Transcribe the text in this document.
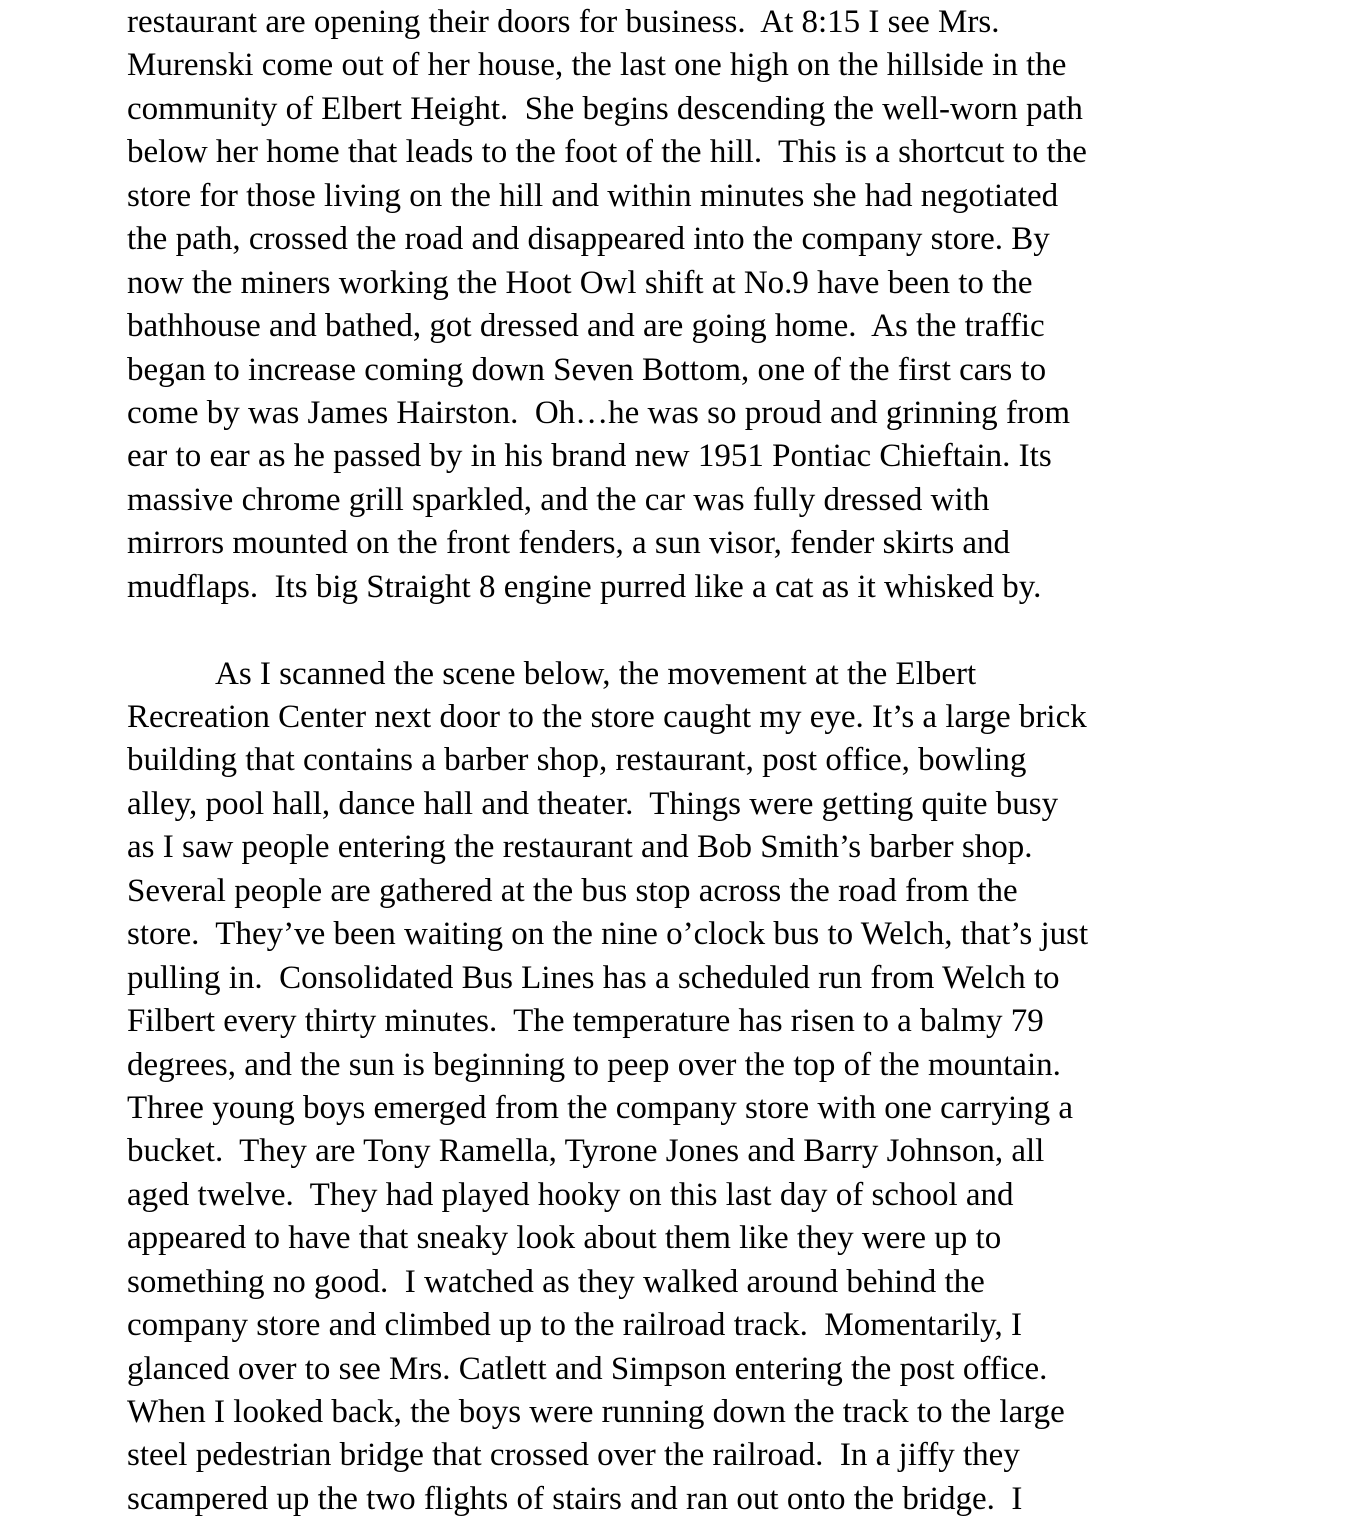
restaurant are opening their doors for business.  At 8:15 I see Mrs.
Murenski come out of her house, the last one high on the hillside in the
community of Elbert Height.  She begins descending the well-worn path
below her home that leads to the foot of the hill.  This is a shortcut to the
store for those living on the hill and within minutes she had negotiated
the path, crossed the road and disappeared into the company store. By
now the miners working the Hoot Owl shift at No.9 have been to the
bathhouse and bathed, got dressed and are going home.  As the traffic
began to increase coming down Seven Bottom, one of the first cars to
come by was James Hairston.  Oh…he was so proud and grinning from
ear to ear as he passed by in his brand new 1951 Pontiac Chieftain. Its
massive chrome grill sparkled, and the car was fully dressed with
mirrors mounted on the front fenders, a sun visor, fender skirts and
mudflaps.  Its big Straight 8 engine purred like a cat as it whisked by.
As I scanned the scene below, the movement at the Elbert
Recreation Center next door to the store caught my eye. It’s a large brick
building that contains a barber shop, restaurant, post office, bowling
alley, pool hall, dance hall and theater.  Things were getting quite busy
as I saw people entering the restaurant and Bob Smith’s barber shop.
Several people are gathered at the bus stop across the road from the
store.  They’ve been waiting on the nine o’clock bus to Welch, that’s just
pulling in.  Consolidated Bus Lines has a scheduled run from Welch to
Filbert every thirty minutes.  The temperature has risen to a balmy 79
degrees, and the sun is beginning to peep over the top of the mountain.
Three young boys emerged from the company store with one carrying a
bucket.  They are Tony Ramella, Tyrone Jones and Barry Johnson, all
aged twelve.  They had played hooky on this last day of school and
appeared to have that sneaky look about them like they were up to
something no good.  I watched as they walked around behind the
company store and climbed up to the railroad track.  Momentarily, I
glanced over to see Mrs. Catlett and Simpson entering the post office.
When I looked back, the boys were running down the track to the large
steel pedestrian bridge that crossed over the railroad.  In a jiffy they
scampered up the two flights of stairs and ran out onto the bridge.  I
